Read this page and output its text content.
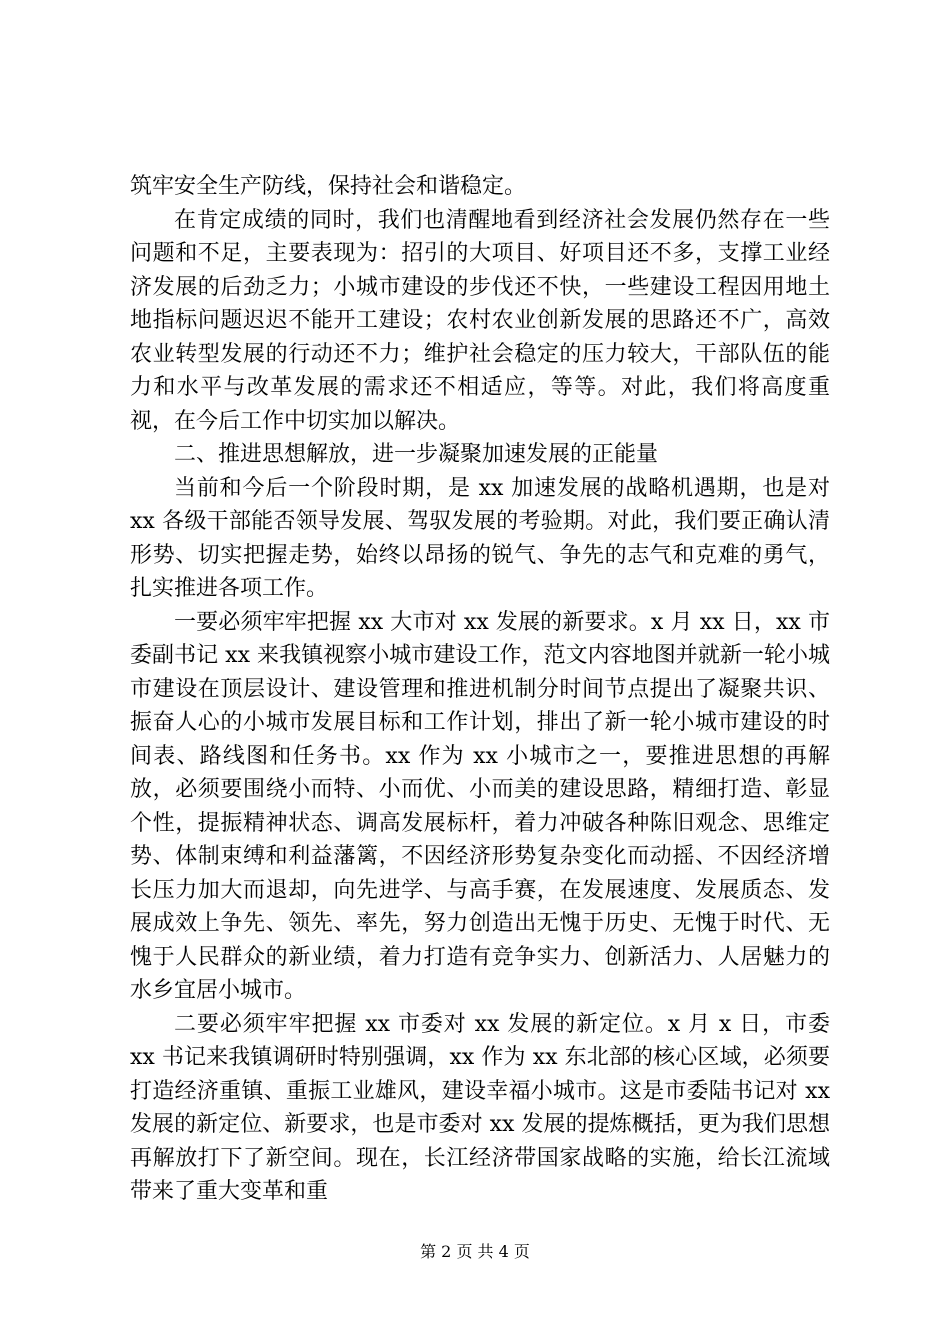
筑牢安全生产防线，保持社会和谐稳定。

在肯定成绩的同时，我们也清醒地看到经济社会发展仍然存在一些问题和不足，主要表现为：招引的大项目、好项目还不多，支撑工业经济发展的后劲乏力；小城市建设的步伐还不快，一些建设工程因用地土地指标问题迟迟不能开工建设；农村农业创新发展的思路还不广，高效农业转型发展的行动还不力；维护社会稳定的压力较大，干部队伍的能力和水平与改革发展的需求还不相适应，等等。对此，我们将高度重视，在今后工作中切实加以解决。

二、推进思想解放，进一步凝聚加速发展的正能量

当前和今后一个阶段时期，是 xx 加速发展的战略机遇期，也是对 xx 各级干部能否领导发展、驾驭发展的考验期。对此，我们要正确认清形势、切实把握走势，始终以昂扬的锐气、争先的志气和克难的勇气，扎实推进各项工作。

一要必须牢牢把握 xx 大市对 xx 发展的新要求。x 月 xx 日，xx 市委副书记 xx 来我镇视察小城市建设工作，范文内容地图并就新一轮小城市建设在顶层设计、建设管理和推进机制分时间节点提出了凝聚共识、振奋人心的小城市发展目标和工作计划，排出了新一轮小城市建设的时间表、路线图和任务书。xx 作为 xx 小城市之一，要推进思想的再解放，必须要围绕小而特、小而优、小而美的建设思路，精细打造、彰显个性，提振精神状态、调高发展标杆，着力冲破各种陈旧观念、思维定势、体制束缚和利益藩篱，不因经济形势复杂变化而动摇、不因经济增长压力加大而退却，向先进学、与高手赛，在发展速度、发展质态、发展成效上争先、领先、率先，努力创造出无愧于历史、无愧于时代、无愧于人民群众的新业绩，着力打造有竞争实力、创新活力、人居魅力的水乡宜居小城市。

二要必须牢牢把握 xx 市委对 xx 发展的新定位。x 月 x 日，市委 xx 书记来我镇调研时特别强调，xx 作为 xx 东北部的核心区域，必须要打造经济重镇、重振工业雄风，建设幸福小城市。这是市委陆书记对 xx 发展的新定位、新要求，也是市委对 xx 发展的提炼概括，更为我们思想再解放打下了新空间。现在，长江经济带国家战略的实施，给长江流域带来了重大变革和重

第 2 页 共 4 页
